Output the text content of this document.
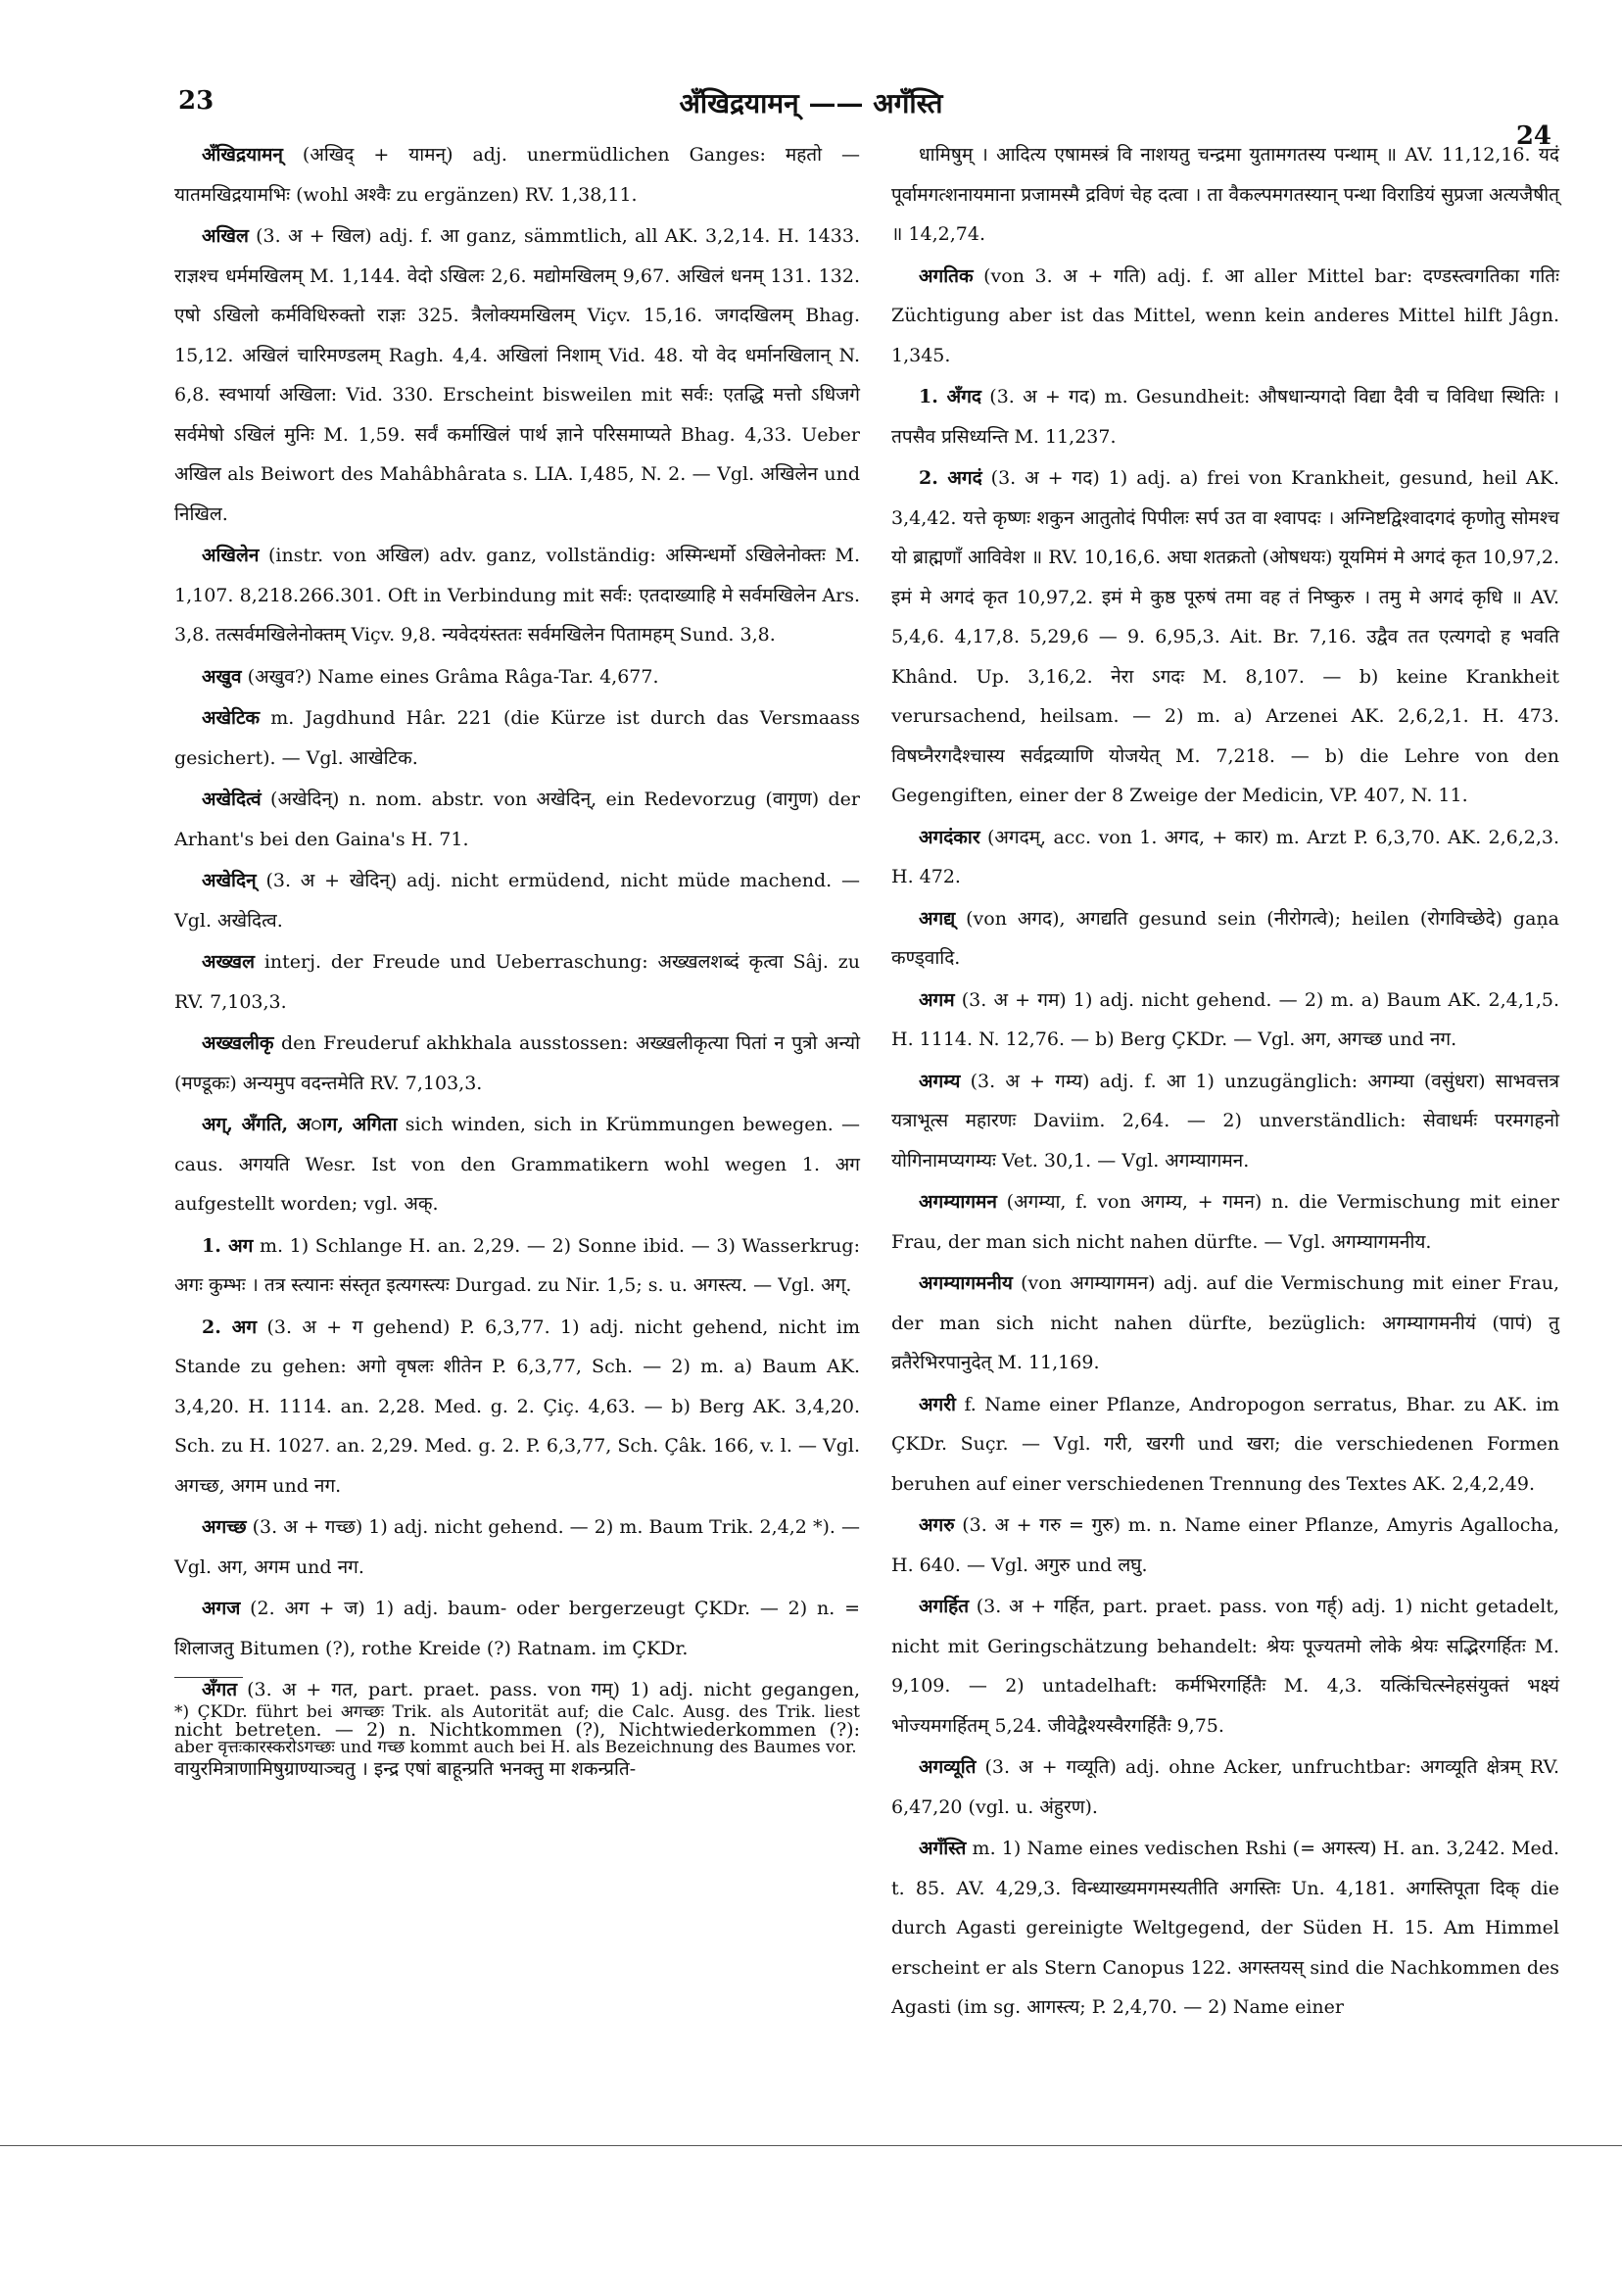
23	अँखिद्रयामन् —— अगँस्ति
24

अँखिद्रयामन् (अखिद् + यामन्) adj. unermüdlichen Ganges: महतो — यातमखिद्रयामभिः (wohl अश्वैः zu ergänzen) RV. 1,38,11.

अखिल (3. अ + खिल) adj. f. आ ganz, sämmtlich, all AK. 3,2,14. H. 1433. राज्ञश्च धर्ममखिलम् M. 1,144. वेदो ऽखिलः 2,6. मद्योमखिलम् 9,67. अखिलं धनम् 131. 132. एषो ऽखिलो कर्मविधिरुक्तो राज्ञः 325. त्रैलोक्यमखिलम् Viçv. 15,16. जगदखिलम् Bhag. 15,12. अखिलं चारिमण्डलम् Ragh. 4,4. अखिलां निशाम् Vid. 48. यो वेद धर्मानखिलान् N. 6,8. स्वभार्या अखिला: Vid. 330. Erscheint bisweilen mit सर्वः: एतद्धि मत्तो ऽधिजगे सर्वमेषो ऽखिलं मुनिः M. 1,59. सर्वं कर्माखिलं पार्थ ज्ञाने परिसमाप्यते Bhag. 4,33. Ueber अखिल als Beiwort des Mahâbhârata s. LIA. I,485, N. 2. — Vgl. अखिलेन und निखिल.

अखिलेन (instr. von अखिल) adv. ganz, vollständig: अस्मिन्धर्मो ऽखिलेनोक्तः M. 1,107. 8,218.266.301. Oft in Verbindung mit सर्वः: एतदाख्याहि मे सर्वमखिलेन Ars. 3,8. तत्सर्वमखिलेनोक्तम् Viçv. 9,8. न्यवेदयंस्ततः सर्वमखिलेन पितामहम् Sund. 3,8.

अखुव (अखुव?) Name eines Grâma Râga-Tar. 4,677.

अखेटिक m. Jagdhund Hâr. 221 (die Kürze ist durch das Versmaass gesichert). — Vgl. आखेटिक.

अखेदित्वं (अखेदिन्) n. nom. abstr. von अखेदिन्, ein Redevorzug (वागुण) der Arhant's bei den Gaina's H. 71.

अखेदिन् (3. अ + खेदिन्) adj. nicht ermüdend, nicht müde machend. — Vgl. अखेदित्व.

अख्खल interj. der Freude und Ueberraschung: अख्खलशब्दं कृत्वा Sâj. zu RV. 7,103,3.

अख्खलीकृ den Freuderuf akhkhala ausstossen: अख्खलीकृत्या पितां न पुत्रो अन्यो (मण्डूकः) अन्यमुप वदन्तमेति RV. 7,103,3.

अग्, अँगति, अाग, अगिता sich winden, sich in Krümmungen bewegen. — caus. अगयति Wesr. Ist von den Grammatikern wohl wegen 1. अग aufgestellt worden; vgl. अक्.

1. अग m. 1) Schlange H. an. 2,29. — 2) Sonne ibid. — 3) Wasserkrug: अगः कुम्भः । तत्र स्त्यानः संस्तृत इत्यगस्त्यः Durgad. zu Nir. 1,5; s. u. अगस्त्य. — Vgl. अग्.

2. अग (3. अ + ग gehend) P. 6,3,77. 1) adj. nicht gehend, nicht im Stande zu gehen: अगो वृषलः शीतेन P. 6,3,77, Sch. — 2) m. a) Baum AK. 3,4,20. H. 1114. an. 2,28. Med. g. 2. Çiç. 4,63. — b) Berg AK. 3,4,20. Sch. zu H. 1027. an. 2,29. Med. g. 2. P. 6,3,77, Sch. Çâk. 166, v. l. — Vgl. अगच्छ, अगम und नग.

अगच्छ (3. अ + गच्छ) 1) adj. nicht gehend. — 2) m. Baum Trik. 2,4,2 *). — Vgl. अग, अगम und नग.

अगज (2. अग + ज) 1) adj. baum- oder bergerzeugt ÇKDr. — 2) n. = शिलाजतु Bitumen (?), rothe Kreide (?) Ratnam. im ÇKDr.

अँगत (3. अ + गत, part. praet. pass. von गम्) 1) adj. nicht gegangen, nicht betreten. — 2) n. Nichtkommen (?), Nichtwiederkommen (?): वायुरमित्राणामिषुग्राण्याञ्चतु । इन्द्र एषां बाहून्प्रति भनक्तु मा शकन्प्रति-

धामिषुम् । आदित्य एषामस्त्रं वि नाशयतु चन्द्रमा युतामगतस्य पन्थाम् ॥ AV. 11,12,16. यदं पूर्वामगत्शनायमाना प्रजामस्मै द्रविणं चेह दत्वा । ता वैकल्पमगतस्यान् पन्था विराडियं सुप्रजा अत्यजैषीत् ॥ 14,2,74.

अगतिक (von 3. अ + गति) adj. f. आ aller Mittel bar: दण्डस्त्वगतिका गतिः Züchtigung aber ist das Mittel, wenn kein anderes Mittel hilft Jâgn. 1,345.

1. अँगद (3. अ + गद) m. Gesundheit: औषधान्यगदो विद्या दैवी च विविधा स्थितिः । तपसैव प्रसिध्यन्ति M. 11,237.

2. अगदं (3. अ + गद) 1) adj. a) frei von Krankheit, gesund, heil AK. 3,4,42. यत्ते कृष्णः शकुन आतुतोदं पिपीलः सर्प उत वा श्वापदः । अग्निष्टद्विश्वादगदं कृणोतु सोमश्च यो ब्राह्मणाँ आविवेश ॥ RV. 10,16,6. अघा शतक्रतो (ओषधयः) यूयमिमं मे अगदं कृत 10,97,2. इमं मे अगदं कृत 10,97,2. इमं मे कुष्ठ पूरुषं तमा वह तं निष्कुरु । तमु मे अगदं कृधि ॥ AV. 5,4,6. 4,17,8. 5,29,6 — 9. 6,95,3. Ait. Br. 7,16. उद्वैव तत एत्यगदो ह भवति Khând. Up. 3,16,2. नेरा ऽगदः M. 8,107. — b) keine Krankheit verursachend, heilsam. — 2) m. a) Arzenei AK. 2,6,2,1. H. 473. विषघ्नैरगदैश्चास्य सर्वद्रव्याणि योजयेत् M. 7,218. — b) die Lehre von den Gegengiften, einer der 8 Zweige der Medicin, VP. 407, N. 11.

अगदंकार (अगदम्, acc. von 1. अगद, + कार) m. Arzt P. 6,3,70. AK. 2,6,2,3. H. 472.

अगद्य् (von अगद), अगद्यति gesund sein (नीरोगत्वे); heilen (रोगविच्छेदे) gaṇa कण्ड्वादि.

अगम (3. अ + गम) 1) adj. nicht gehend. — 2) m. a) Baum AK. 2,4,1,5. H. 1114. N. 12,76. — b) Berg ÇKDr. — Vgl. अग, अगच्छ und नग.

अगम्य (3. अ + गम्य) adj. f. आ 1) unzugänglich: अगम्या (वसुंधरा) साभवत्तत्र यत्राभूत्स महारणः Daviim. 2,64. — 2) unverständlich: सेवाधर्मः परमगहनो योगिनामप्यगम्यः Vet. 30,1. — Vgl. अगम्यागमन.

अगम्यागमन (अगम्या, f. von अगम्य, + गमन) n. die Vermischung mit einer Frau, der man sich nicht nahen dürfte. — Vgl. अगम्यागमनीय.

अगम्यागमनीय (von अगम्यागमन) adj. auf die Vermischung mit einer Frau, der man sich nicht nahen dürfte, bezüglich: अगम्यागमनीयं (पापं) तु व्रतैरेभिरपानुदेत् M. 11,169.

अगरी f. Name einer Pflanze, Andropogon serratus, Bhar. zu AK. im ÇKDr. Suçr. — Vgl. गरी, खरगी und खरा; die verschiedenen Formen beruhen auf einer verschiedenen Trennung des Textes AK. 2,4,2,49.

अगरु (3. अ + गरु = गुरु) m. n. Name einer Pflanze, Amyris Agallocha, H. 640. — Vgl. अगुरु und लघु.

अगर्हित (3. अ + गर्हित, part. praet. pass. von गर्ह्) adj. 1) nicht getadelt, nicht mit Geringschätzung behandelt: श्रेयः पूज्यतमो लोके श्रेयः सद्भिरगर्हितः M. 9,109. — 2) untadelhaft: कर्मभिरगर्हितैः M. 4,3. यत्किंचित्स्नेहसंयुक्तं भक्ष्यं भोज्यमगर्हितम् 5,24. जीवेद्वैश्यस्वैरगर्हितैः 9,75.

अगव्यूति (3. अ + गव्यूति) adj. ohne Acker, unfruchtbar: अगव्यूति क्षेत्रम् RV. 6,47,20 (vgl. u. अंहुरण).

अगँस्ति m. 1) Name eines vedischen Rshi (= अगस्त्य) H. an. 3,242. Med. t. 85. AV. 4,29,3. विन्ध्याख्यमगमस्यतीति अगस्तिः Un. 4,181. अगस्तिपूता दिक् die durch Agasti gereinigte Weltgegend, der Süden H. 15. Am Himmel erscheint er als Stern Canopus 122. अगस्तयस् sind die Nachkommen des Agasti (im sg. आगस्त्य; P. 2,4,70. — 2) Name einer

*) ÇKDr. führt bei अगच्छः Trik. als Autorität auf; die Calc. Ausg. des Trik. liest aber वृत्तःकारस्करोऽगच्छः und गच्छ kommt auch bei H. als Bezeichnung des Baumes vor.
